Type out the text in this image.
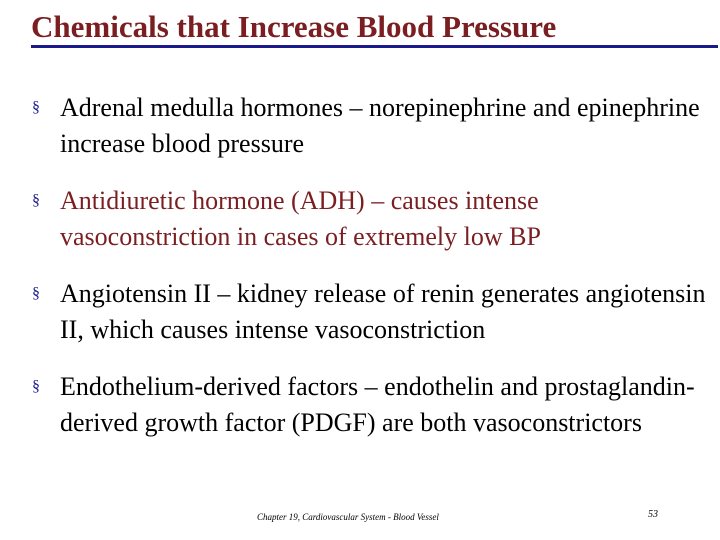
Chemicals that Increase Blood Pressure
§ Adrenal medulla hormones – norepinephrine and epinephrine increase blood pressure
§ Antidiuretic hormone (ADH) – causes intense vasoconstriction in cases of extremely low BP
§ Angiotensin II – kidney release of renin generates angiotensin II, which causes intense vasoconstriction
§ Endothelium-derived factors – endothelin and prostaglandin-derived growth factor (PDGF) are both vasoconstrictors
Chapter 19, Cardiovascular System - Blood Vessel	53
